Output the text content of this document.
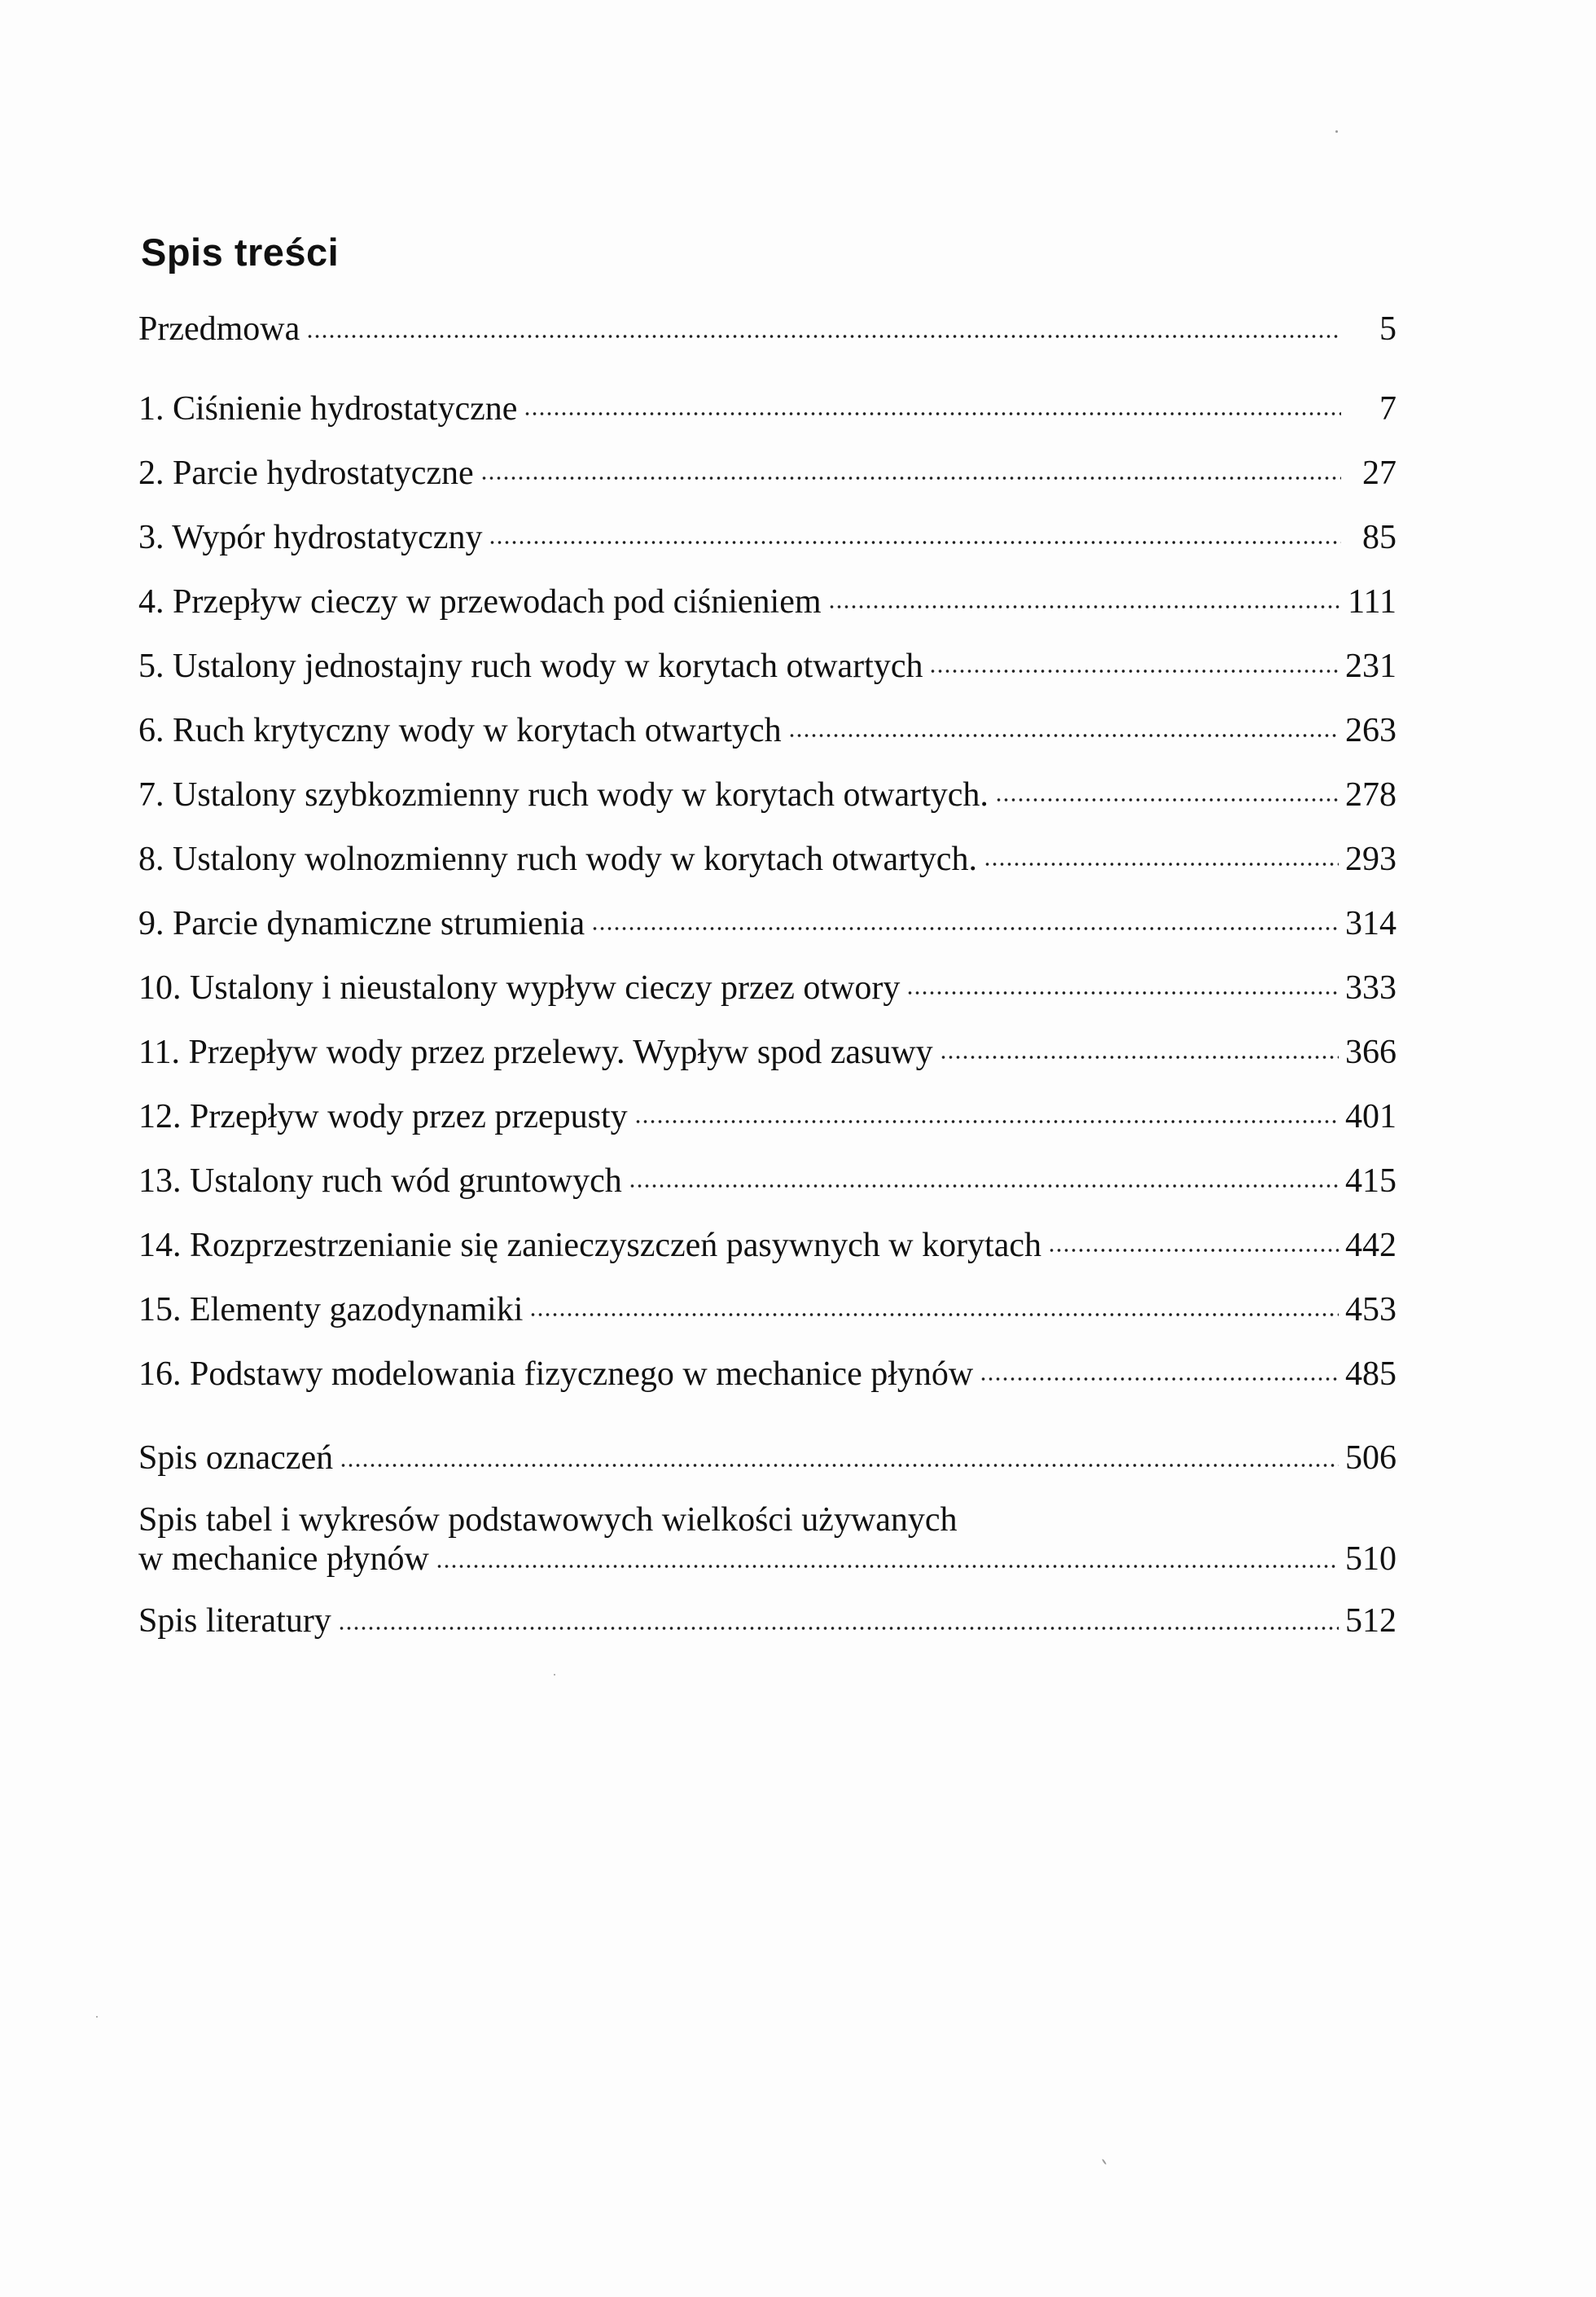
Spis treści
Przedmowa	5
1. Ciśnienie hydrostatyczne	7
2. Parcie hydrostatyczne	27
3. Wypór hydrostatyczny	85
4. Przepływ cieczy w przewodach pod ciśnieniem	111
5. Ustalony jednostajny ruch wody w korytach otwartych	231
6. Ruch krytyczny wody w korytach otwartych	263
7. Ustalony szybkozmienny ruch wody w korytach otwartych.	278
8. Ustalony wolnozmienny ruch wody w korytach otwartych.	293
9. Parcie dynamiczne strumienia	314
10. Ustalony i nieustalony wypływ cieczy przez otwory	333
11. Przepływ wody przez przelewy. Wypływ spod zasuwy	366
12. Przepływ wody przez przepusty	401
13. Ustalony ruch wód gruntowych	415
14. Rozprzestrzenianie się zanieczyszczeń pasywnych w korytach	442
15. Elementy gazodynamiki	453
16. Podstawy modelowania fizycznego w mechanice płynów	485
Spis oznaczeń	506
Spis tabel i wykresów podstawowych wielkości używanych
w mechanice płynów	510
Spis literatury	512
